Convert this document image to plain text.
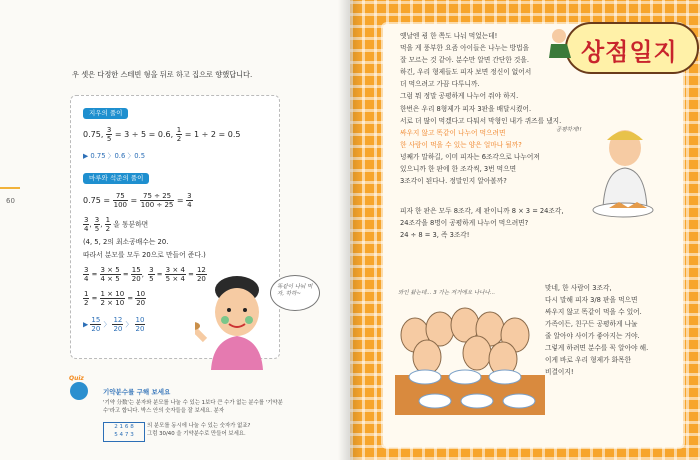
60
우 셋은 다정한 스테빈 형을 뒤로 하고 집으로 향했답니다.
지우의 풀이
0.75, $\frac{3}{5} = 3 \div 5 = 0.6$, $\frac{1}{2} = 1 \div 2 = 0.5$
▶ 0.75 〉0.6 〉0.5
마루와 석준의 풀이
$0.75 = \frac{75}{100} = \frac{75 \div 25}{100 \div 25} = \frac{3}{4}$
$\frac{3}{4}$ , $\frac{3}{5}$ , $\frac{1}{2}$ 을 통분하면
(4, 5, 2의 최소공배수는 20.
따라서 분모를 모두 20으로 만들어 준다.)
$\frac{3}{4} = \frac{3 \times 5}{4 \times 5} = \frac{15}{20}$ , $\frac{3}{5} = \frac{3 \times 4}{5 \times 4} = \frac{12}{20}$
$\frac{1}{2} = \frac{1 \times 10}{2 \times 10} = \frac{10}{20}$
▶ $\frac{15}{20}$ 〉 $\frac{12}{20}$ 〉 $\frac{10}{20}$
똑같이 나눠 먹자, 하하~
Quiz
기약분수를 구해 보세요
'기약 分数'는 분자와 분모를 나눌 수 있는 1보다 큰 수가 없는 분수를 '기약분수'라고 합니다. 박스 안의 숫자들을 잘 보세요. 분자
2 1 6 8
5 4 7 3
의 분모를 동시에 나눌 수 있는 숫자가 없죠?
그럼 30/40 을 기약분수로 만들어 보세요.
상점일지
옛날엔 굉 한 쪽도 나눠 먹었는데!
먹을 게 풍부한 요즘 아이들은 나누는 방법을
잘 모르는 것 같아. 분수만 알면 간단한 것을.
하긴, 우리 형제들도 피자 보면 정신이 없어서
더 먹으려고 가끔 다투니까.
그럼 뭐 정말 공평하게 나누어 줘야 하지.
한번은 우리 8형제가 피자 3판을 배달시켰어.
서로 더 많이 먹겠다고 다퉈서 막형인 내가 퀴즈를 냈지.
싸우지 않고 똑같이 나누어 먹으려면
한 사람이 먹을 수 있는 양은 얼마나 될까?
녕째가 말하길, 이미 피자는 6조각으로 나누어져
있으니까 한 판에 한 조각씩, 3번 먹으면
3조각이 된다나. 정말인지 알아볼까?
피자 한 판은 모두 8조각, 세 판이니까 8 × 3 = 24조각,
24조각을 8명이 공평하게 나누어 먹으려면?
24 ÷ 8 = 3, 즉 3조각!
맞네, 한 사람이 3조각,
다시 말해 피자 3/8 판을 먹으면
싸우지 않고 똑같이 먹을 수 있어.
가족이든, 친구든 공평하게 나눌
줄 알아야 사이가 좋아지는 거야.
그렇게 하려면 분수를 꼭 알아야 해.
이게 바로 우리 형제가 화목한
비결이지!
공평하게!!
와인 왔는데... 3 가는 저거에요 나나나...
